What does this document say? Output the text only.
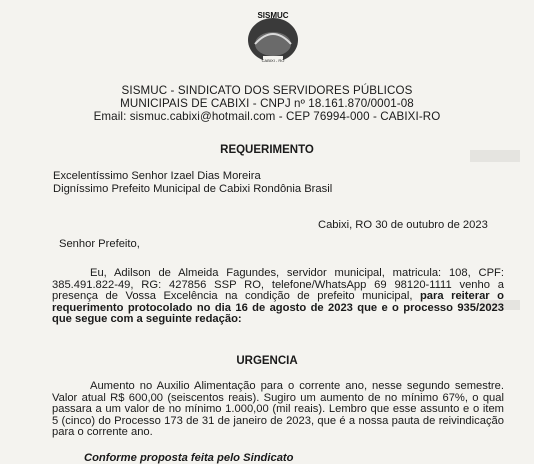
SISMUC
CABIXI - RO
SISMUC - SINDICATO DOS SERVIDORES PÚBLICOS
MUNICIPAIS DE CABIXI - CNPJ nº 18.161.870/0001-08
Email: sismuc.cabixi@hotmail.com - CEP 76994-000 - CABIXI-RO
REQUERIMENTO
Excelentíssimo Senhor Izael Dias Moreira
Digníssimo Prefeito Municipal de Cabixi Rondônia Brasil
Cabixi, RO 30 de outubro de 2023
Senhor Prefeito,
Eu, Adilson de Almeida Fagundes, servidor municipal, matricula: 108, CPF: 385.491.822-49, RG: 427856 SSP RO, telefone/WhatsApp 69 98120-1111 venho a presença de Vossa Excelência na condição de prefeito municipal, para reiterar o requerimento protocolado no dia 16 de agosto de 2023 que e o processo 935/2023 que segue com a seguinte redação:
URGENCIA
Aumento no Auxilio Alimentação para o corrente ano, nesse segundo semestre. Valor atual R$ 600,00 (seiscentos reais). Sugiro um aumento de no mínimo 67%, o qual passara a um valor de no mínimo 1.000,00 (mil reais). Lembro que esse assunto e o item 5 (cinco) do Processo 173 de 31 de janeiro de 2023, que é a nossa pauta de reivindicação para o corrente ano.
Conforme proposta feita pelo Sindicato
